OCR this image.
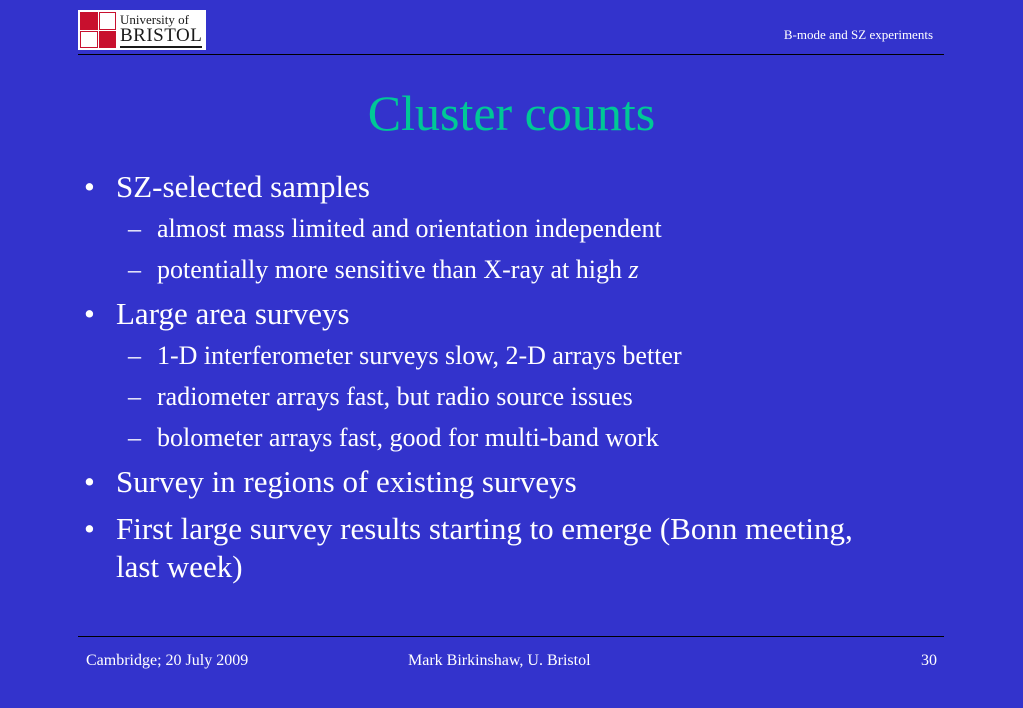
University of
BRISTOL	B-mode and SZ experiments
Cluster counts
• SZ-selected samples
– almost mass limited and orientation independent
– potentially more sensitive than X-ray at high z
• Large area surveys
– 1-D interferometer surveys slow, 2-D arrays better
– radiometer arrays fast, but radio source issues
– bolometer arrays fast, good for multi-band work
• Survey in regions of existing surveys
• First large survey results starting to emerge (Bonn meeting, last week)
Cambridge; 20 July 2009	Mark Birkinshaw, U. Bristol	30
